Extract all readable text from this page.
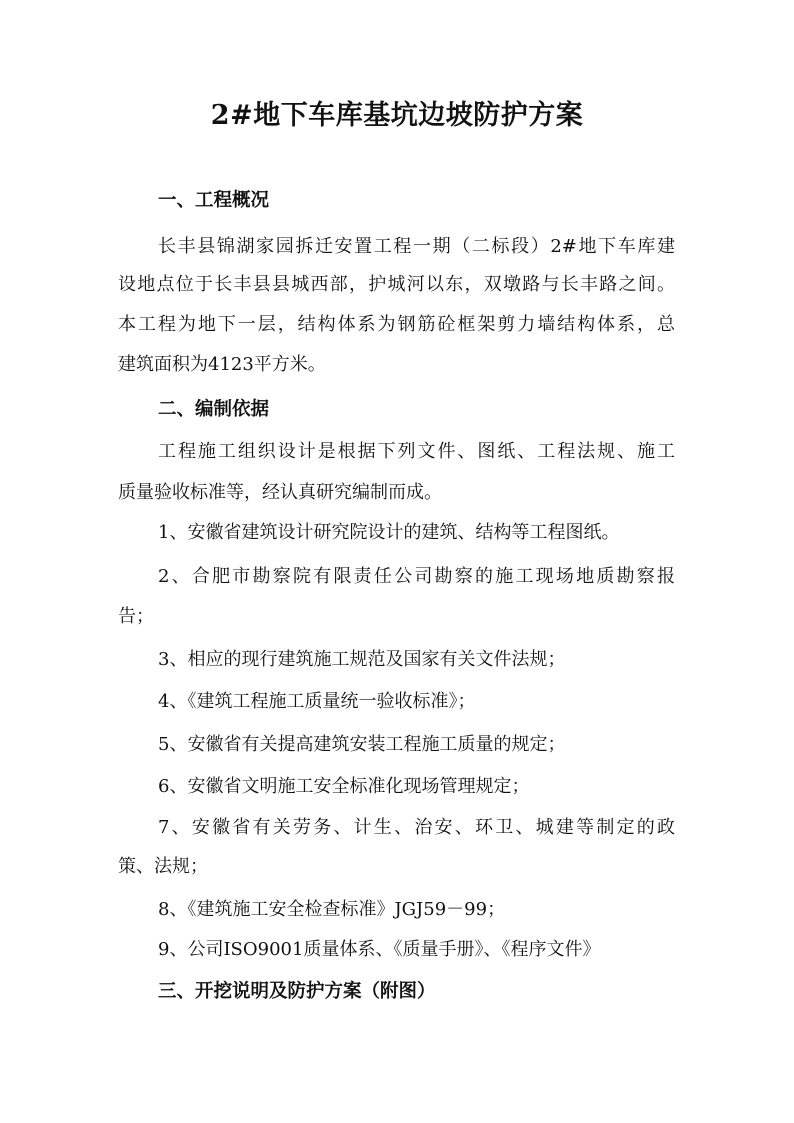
2#地下车库基坑边坡防护方案
一、工程概况
长丰县锦湖家园拆迁安置工程一期（二标段）2#地下车库建
设地点位于长丰县县城西部，护城河以东，双墩路与长丰路之间。
本工程为地下一层，结构体系为钢筋砼框架剪力墙结构体系，总
建筑面积为4123平方米。
二、编制依据
工程施工组织设计是根据下列文件、图纸、工程法规、施工
质量验收标准等，经认真研究编制而成。
1、安徽省建筑设计研究院设计的建筑、结构等工程图纸。
2、合肥市勘察院有限责任公司勘察的施工现场地质勘察报
告；
3、相应的现行建筑施工规范及国家有关文件法规；
4、《建筑工程施工质量统一验收标准》；
5、安徽省有关提高建筑安装工程施工质量的规定；
6、安徽省文明施工安全标准化现场管理规定；
7、安徽省有关劳务、计生、治安、环卫、城建等制定的政
策、法规；
8、《建筑施工安全检查标准》JGJ59－99；
9、公司ISO9001质量体系、《质量手册》、《程序文件》
三、开挖说明及防护方案（附图）
